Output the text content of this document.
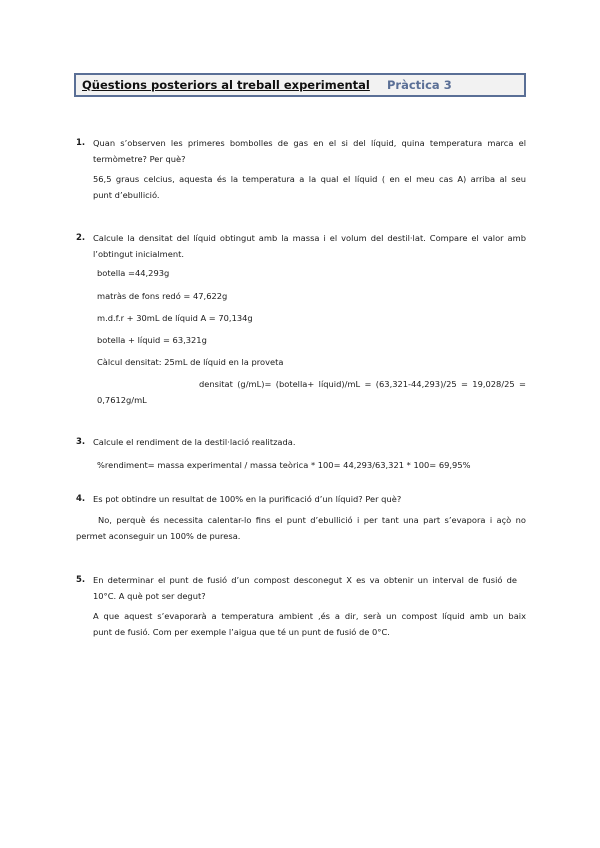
Qüestions posteriors al treball experimental Pràctica 3
1. Quan s’observen les primeres bombolles de gas en el si del líquid, quina temperatura marca el
termòmetre? Per què?
56,5 graus celcius, aquesta és la temperatura a la qual el líquid ( en el meu cas A) arriba al seu
punt d’ebullició.
2. Calcule la densitat del líquid obtingut amb la massa i el volum del destil·lat. Compare el valor amb
l’obtingut inicialment.
botella =44,293g
matràs de fons redó = 47,622g
m.d.f.r + 30mL de líquid A = 70,134g
botella + líquid = 63,321g
Càlcul densitat: 25mL de líquid en la proveta
densitat (g/mL)= (botella+ líquid)/mL = (63,321-44,293)/25 = 19,028/25 =
0,7612g/mL
3. Calcule el rendiment de la destil·lació realitzada.
%rendiment= massa experimental / massa teòrica * 100= 44,293/63,321 * 100= 69,95%
4. Es pot obtindre un resultat de 100% en la purificació d’un líquid? Per què?
No, perquè és necessita calentar-lo fins el punt d’ebullició i per tant una part s’evapora i açò no
permet aconseguir un 100% de puresa.
5. En determinar el punt de fusió d’un compost desconegut X es va obtenir un interval de fusió de
10°C. A què pot ser degut?
A que aquest s’evaporarà a temperatura ambient ,és a dir, serà un compost líquid amb un baix
punt de fusió. Com per exemple l’aigua que té un punt de fusió de 0°C.
